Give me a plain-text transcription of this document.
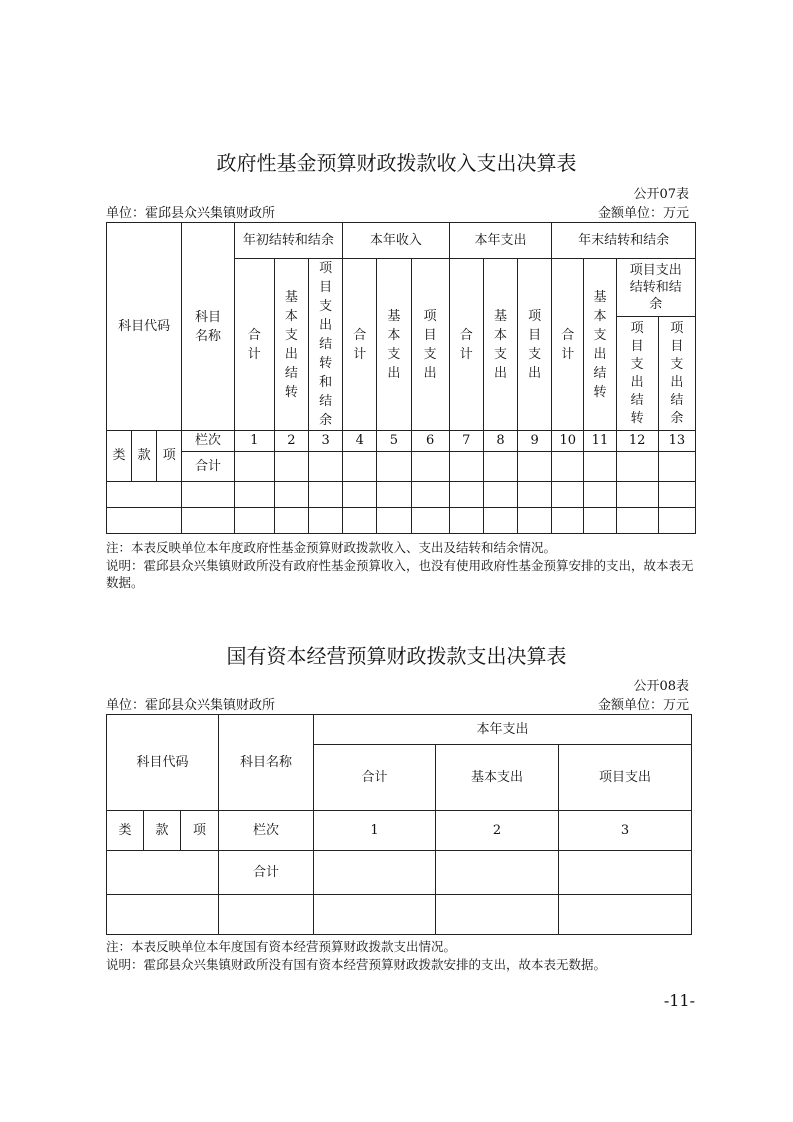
政府性基金预算财政拨款收入支出决算表
公开07表
单位：霍邱县众兴集镇财政所	金额单位：万元
科目代码			科目名称	年初结转和结余			本年收入			本年支出			年末结转和结余			
				合计	基本支出结转	项目支出结转和结余	合计	基本支出	项目支出	合计	基本支出	项目支出	合计	基本支出结转	项目支出结转和结余	
															项目支出结转	项目支出结余
类	款	项	栏次	1	2	3	4	5	6	7	8	9	10	11	12	13
			合计													

注：本表反映单位本年度政府性基金预算财政拨款收入、支出及结转和结余情况。
说明：霍邱县众兴集镇财政所没有政府性基金预算收入，也没有使用政府性基金预算安排的支出，故本表无数据。
国有资本经营预算财政拨款支出决算表
公开08表
单位：霍邱县众兴集镇财政所	金额单位：万元
科目代码			科目名称	本年支出		
				合计	基本支出	项目支出
类	款	项	栏次	1	2	3
			合计			

注：本表反映单位本年度国有资本经营预算财政拨款支出情况。
说明：霍邱县众兴集镇财政所没有国有资本经营预算财政拨款安排的支出，故本表无数据。
-11-
